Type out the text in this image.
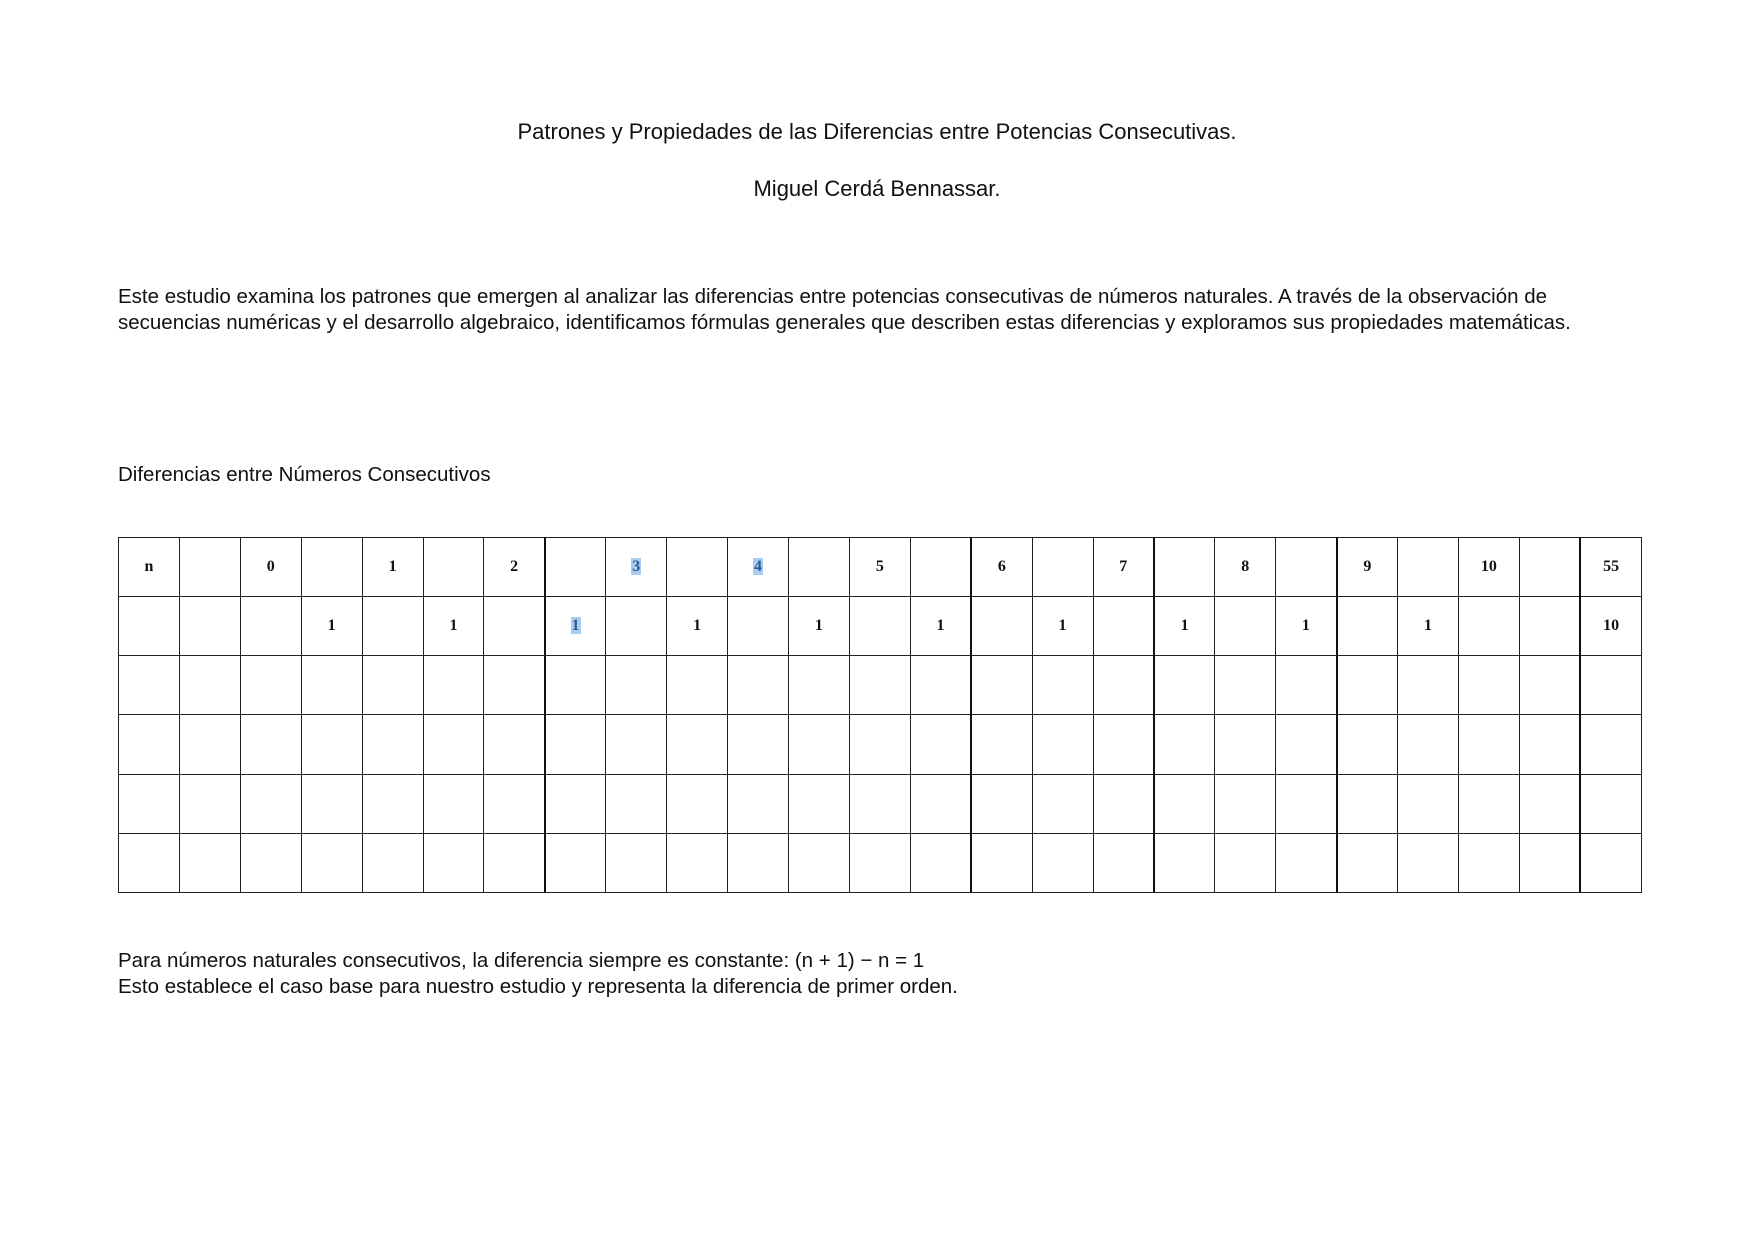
Patrones y Propiedades de las Diferencias entre Potencias Consecutivas.
Miguel Cerdá Bennassar.

Este estudio examina los patrones que emergen al analizar las diferencias entre potencias consecutivas de números naturales. A través de la observación de secuencias numéricas y el desarrollo algebraico, identificamos fórmulas generales que describen estas diferencias y exploramos sus propiedades matemáticas.

Diferencias entre Números Consecutivos
n		0		1		2		3		4		5		6		7		8		9		10		55
			1		1		1		1		1		1		1		1		1		1			10

Para números naturales consecutivos, la diferencia siempre es constante: (n + 1) − n = 1
Esto establece el caso base para nuestro estudio y representa la diferencia de primer orden.
